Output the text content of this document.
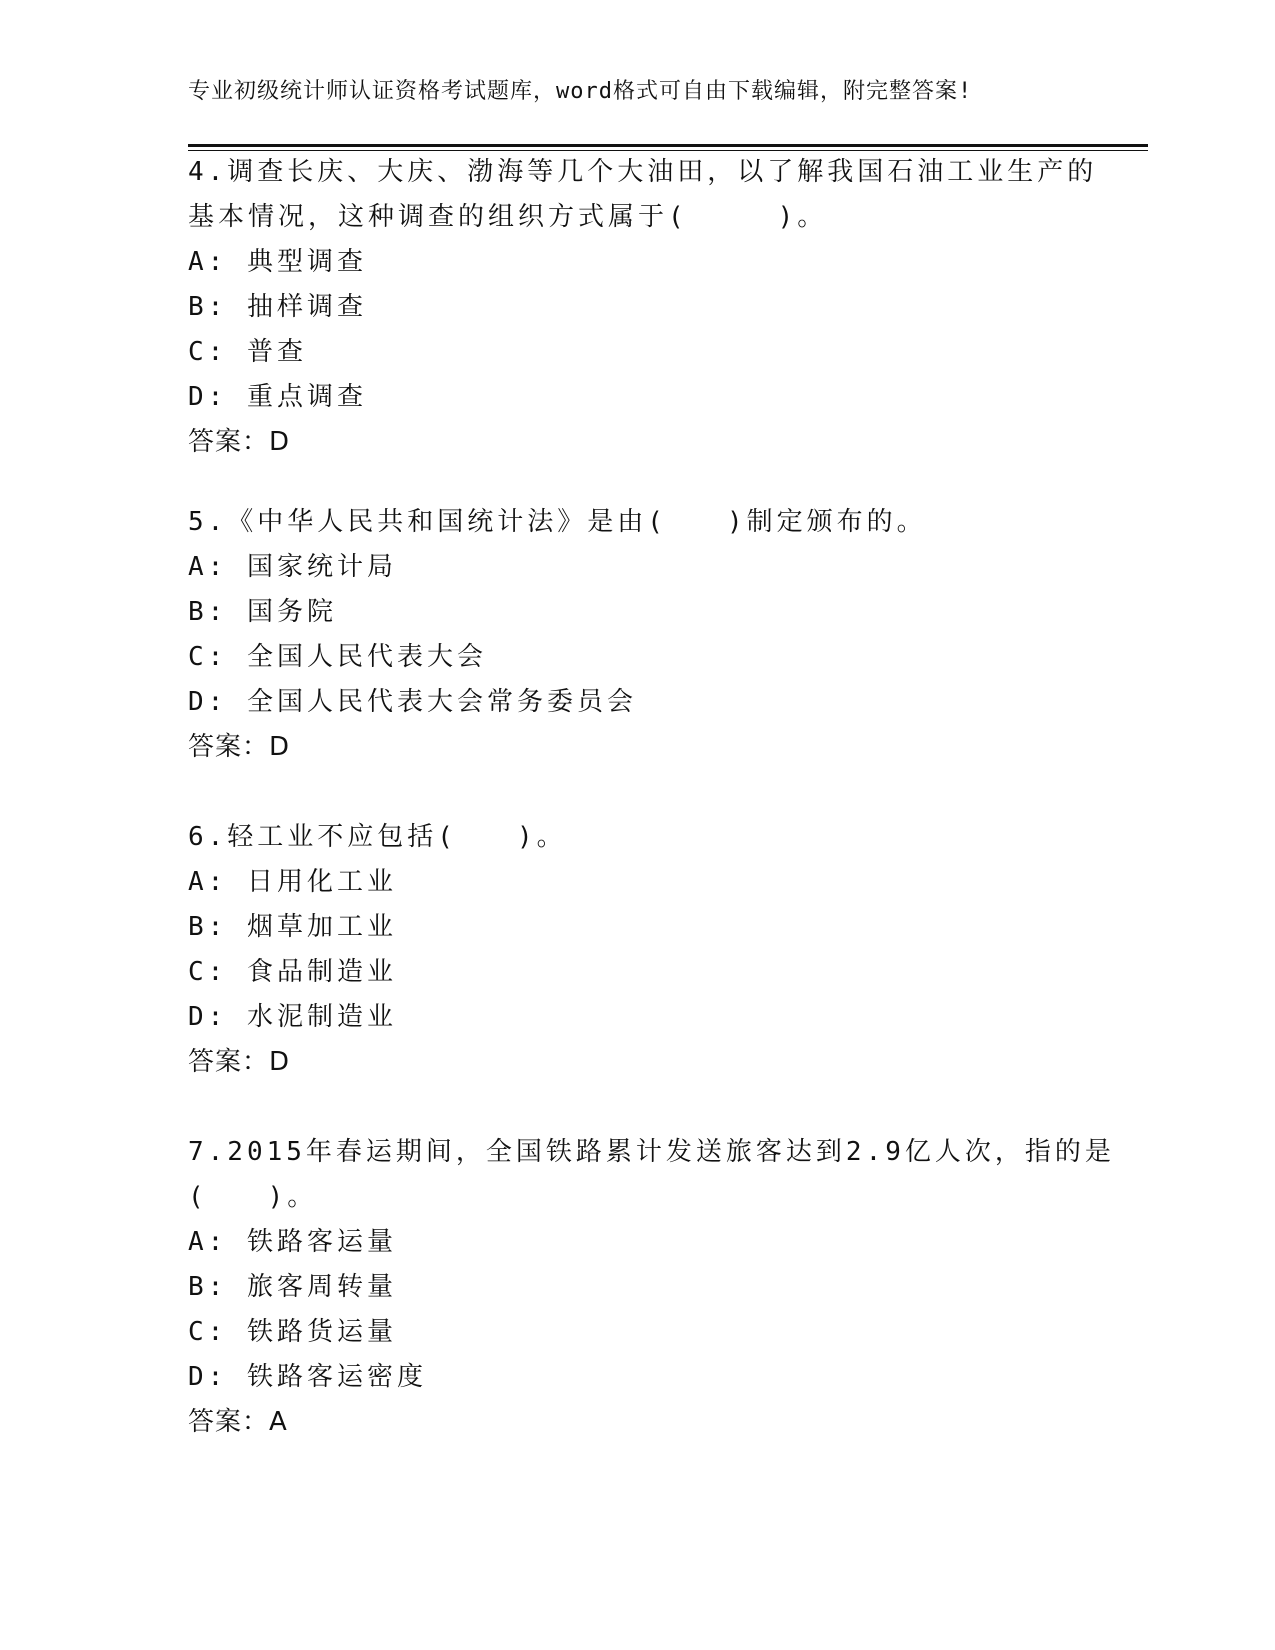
专业初级统计师认证资格考试题库，word格式可自由下载编辑，附完整答案!
4.调查长庆、大庆、渤海等几个大油田，以了解我国石油工业生产的
基本情况，这种调查的组织方式属于(　　　)。
A: 典型调查
B: 抽样调查
C: 普查
D: 重点调查
答案：D
5.《中华人民共和国统计法》是由(　　)制定颁布的。
A: 国家统计局
B: 国务院
C: 全国人民代表大会
D: 全国人民代表大会常务委员会
答案：D
6.轻工业不应包括(　　)。
A: 日用化工业
B: 烟草加工业
C: 食品制造业
D: 水泥制造业
答案：D
7.2015年春运期间，全国铁路累计发送旅客达到2.9亿人次，指的是
(　　)。
A: 铁路客运量
B: 旅客周转量
C: 铁路货运量
D: 铁路客运密度
答案：A
